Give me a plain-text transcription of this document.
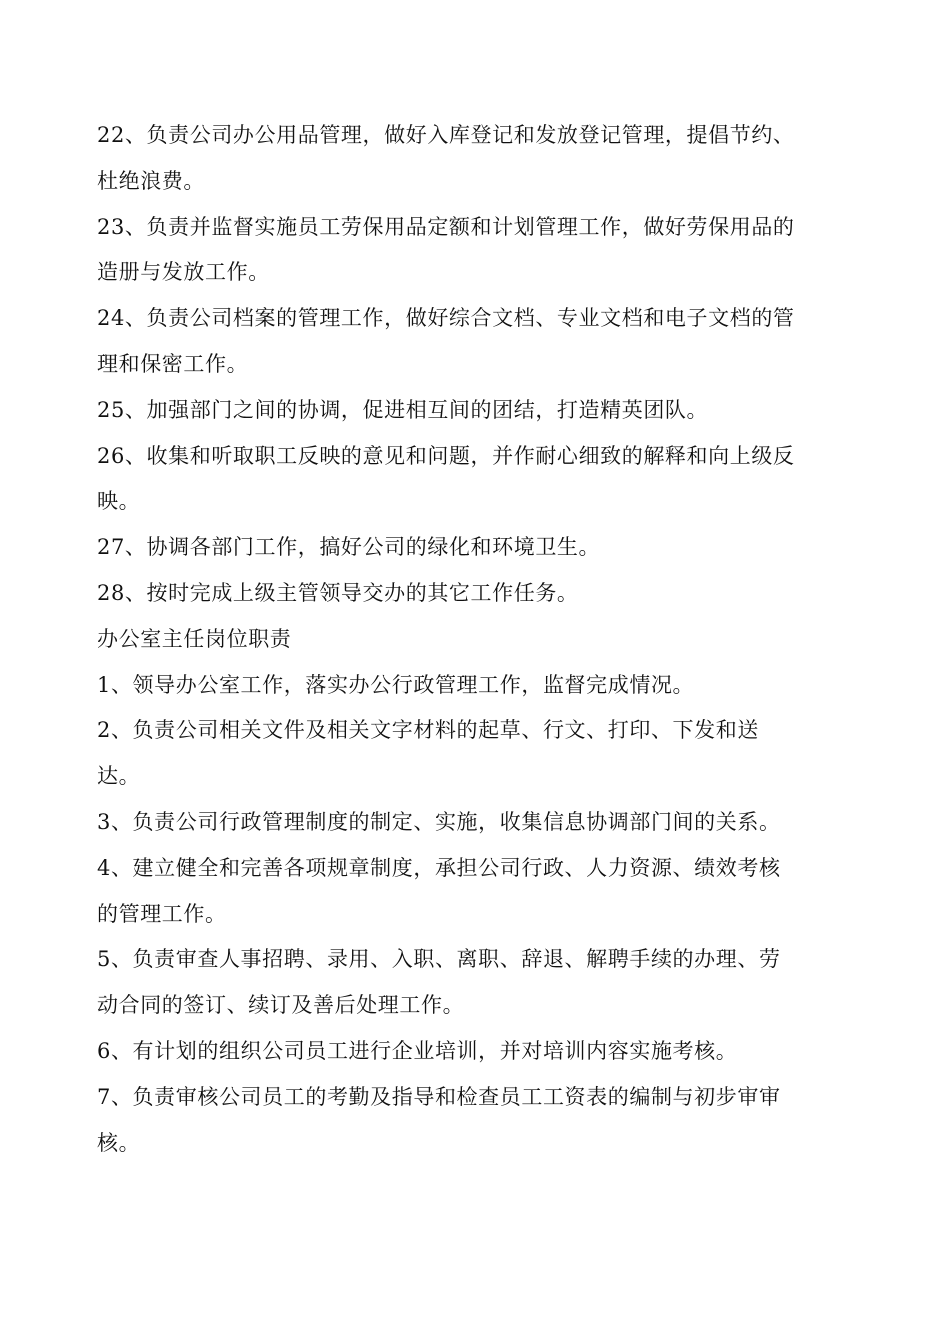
22、负责公司办公用品管理，做好入库登记和发放登记管理，提倡节约、杜绝浪费。

23、负责并监督实施员工劳保用品定额和计划管理工作，做好劳保用品的造册与发放工作。

24、负责公司档案的管理工作，做好综合文档、专业文档和电子文档的管理和保密工作。

25、加强部门之间的协调，促进相互间的团结，打造精英团队。

26、收集和听取职工反映的意见和问题，并作耐心细致的解释和向上级反映。

27、协调各部门工作，搞好公司的绿化和环境卫生。

28、按时完成上级主管领导交办的其它工作任务。

办公室主任岗位职责

1、领导办公室工作，落实办公行政管理工作，监督完成情况。

2、负责公司相关文件及相关文字材料的起草、行文、打印、下发和送达。

3、负责公司行政管理制度的制定、实施，收集信息协调部门间的关系。

4、建立健全和完善各项规章制度，承担公司行政、人力资源、绩效考核的管理工作。

5、负责审查人事招聘、录用、入职、离职、辞退、解聘手续的办理、劳动合同的签订、续订及善后处理工作。

6、有计划的组织公司员工进行企业培训，并对培训内容实施考核。

7、负责审核公司员工的考勤及指导和检查员工工资表的编制与初步审审核。
